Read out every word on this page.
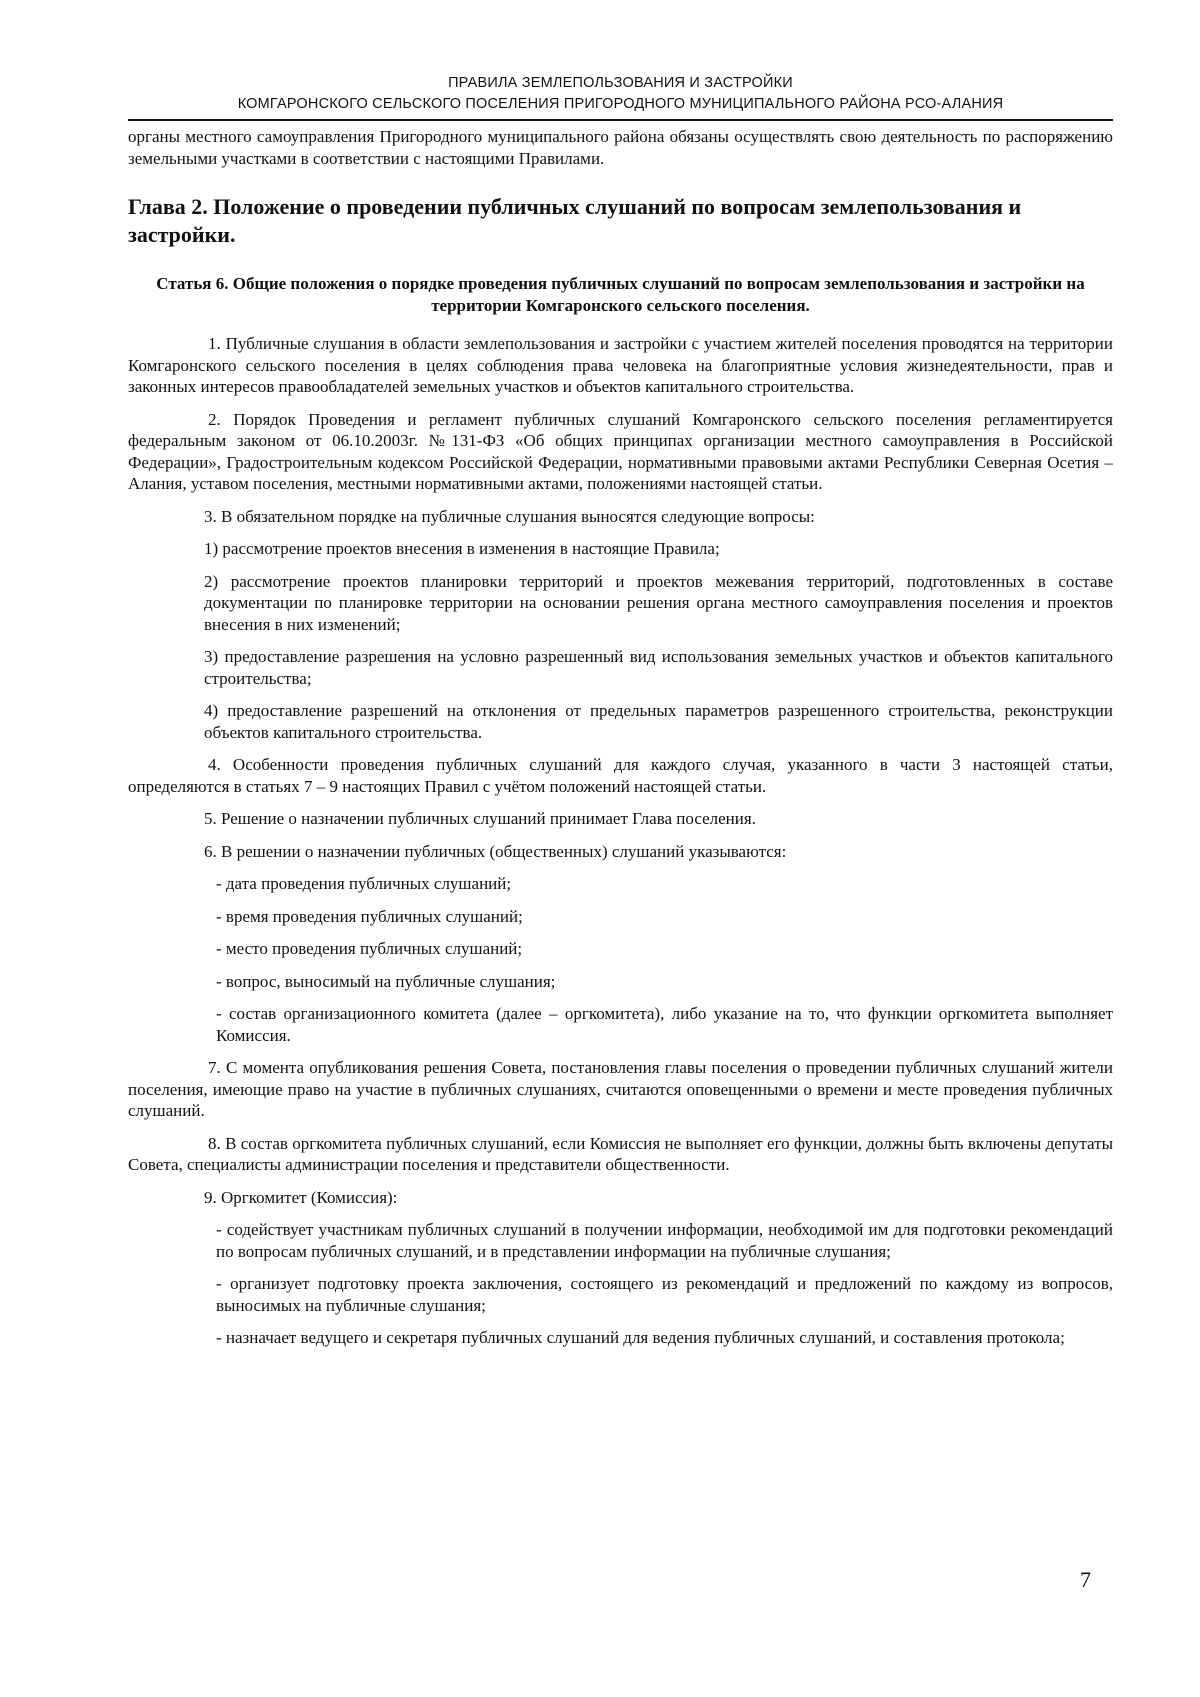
ПРАВИЛА ЗЕМЛЕПОЛЬЗОВАНИЯ И ЗАСТРОЙКИ
КОМГАРОНСКОГО СЕЛЬСКОГО ПОСЕЛЕНИЯ ПРИГОРОДНОГО МУНИЦИПАЛЬНОГО РАЙОНА РСО-АЛАНИЯ

органы местного самоуправления Пригородного муниципального района обязаны осуществлять свою деятельность по распоряжению земельными участками в соответствии с настоящими Правилами.

Глава 2. Положение о проведении публичных слушаний по вопросам землепользования и застройки.
Статья 6. Общие положения о порядке проведения публичных слушаний по вопросам землепользования и застройки на территории Комгаронского сельского поселения.

1. Публичные слушания в области землепользования и застройки с участием жителей поселения проводятся на территории Комгаронского сельского поселения в целях соблюдения права человека на благоприятные условия жизнедеятельности, прав и законных интересов правообладателей земельных участков и объектов капитального строительства.

2. Порядок Проведения и регламент публичных слушаний Комгаронского сельского поселения регламентируется федеральным законом от 06.10.2003г. №131-ФЗ «Об общих принципах организации местного самоуправления в Российской Федерации», Градостроительным кодексом Российской Федерации, нормативными правовыми актами Республики Северная Осетия – Алания, уставом поселения, местными нормативными актами, положениями настоящей статьи.

3. В обязательном порядке на публичные слушания выносятся следующие вопросы:

1) рассмотрение проектов внесения в изменения в настоящие Правила;

2) рассмотрение проектов планировки территорий и проектов межевания территорий, подготовленных в составе документации по планировке территории на основании решения органа местного самоуправления поселения и проектов внесения в них изменений;

3) предоставление разрешения на условно разрешенный вид использования земельных участков и объектов капитального строительства;

4) предоставление разрешений на отклонения от предельных параметров разрешенного строительства, реконструкции объектов капитального строительства.

4. Особенности проведения публичных слушаний для каждого случая, указанного в части 3 настоящей статьи, определяются в статьях 7 – 9 настоящих Правил с учётом положений настоящей статьи.

5. Решение о назначении публичных слушаний принимает Глава поселения.

6. В решении о назначении публичных (общественных) слушаний указываются:

- дата проведения публичных слушаний;

- время проведения публичных слушаний;

- место проведения публичных слушаний;

- вопрос, выносимый на публичные слушания;

- состав организационного комитета (далее – оргкомитета), либо указание на то, что функции оргкомитета выполняет Комиссия.

7. С момента опубликования решения Совета, постановления главы поселения о проведении публичных слушаний жители поселения, имеющие право на участие в публичных слушаниях, считаются оповещенными о времени и месте проведения публичных слушаний.

8. В состав оргкомитета публичных слушаний, если Комиссия не выполняет его функции, должны быть включены депутаты Совета, специалисты администрации поселения и представители общественности.

9. Оргкомитет (Комиссия):

- содействует участникам публичных слушаний в получении информации, необходимой им для подготовки рекомендаций по вопросам публичных слушаний, и в представлении информации на публичные слушания;

- организует подготовку проекта заключения, состоящего из рекомендаций и предложений по каждому из вопросов, выносимых на публичные слушания;

- назначает ведущего и секретаря публичных слушаний для ведения публичных слушаний, и составления протокола;

7
